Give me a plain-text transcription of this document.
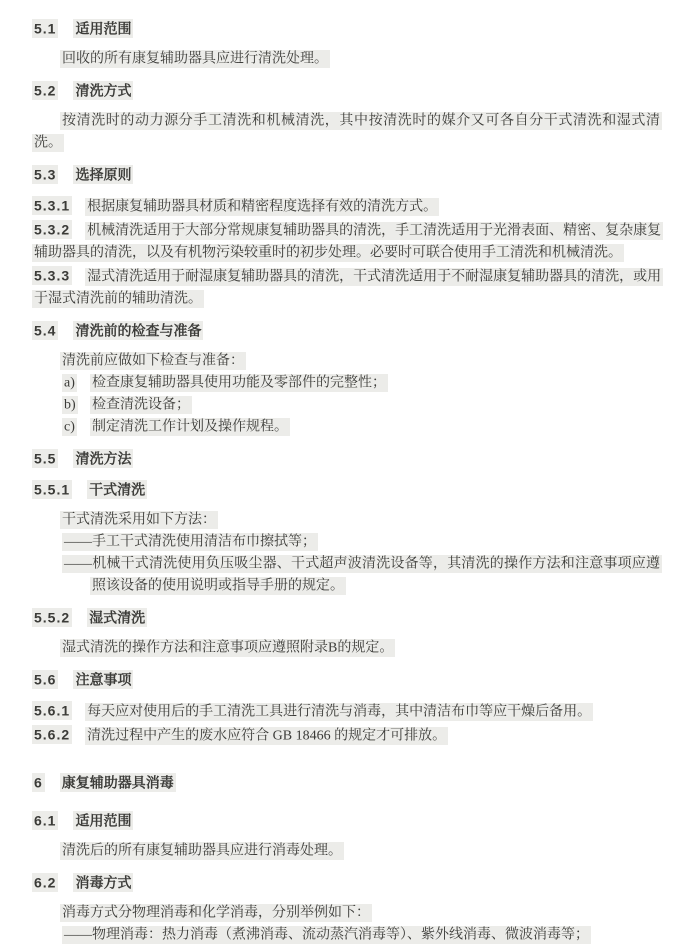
5.1 适用范围

回收的所有康复辅助器具应进行清洗处理。

5.2 清洗方式

按清洗时的动力源分手工清洗和机械清洗，其中按清洗时的媒介又可各自分干式清洗和湿式清洗。

5.3 选择原则

5.3.1 根据康复辅助器具材质和精密程度选择有效的清洗方式。

5.3.2 机械清洗适用于大部分常规康复辅助器具的清洗，手工清洗适用于光滑表面、精密、复杂康复辅助器具的清洗，以及有机物污染较重时的初步处理。必要时可联合使用手工清洗和机械清洗。

5.3.3 湿式清洗适用于耐湿康复辅助器具的清洗，干式清洗适用于不耐湿康复辅助器具的清洗，或用于湿式清洗前的辅助清洗。

5.4 清洗前的检查与准备

清洗前应做如下检查与准备：

a)	检查康复辅助器具使用功能及零部件的完整性；

b)	检查清洗设备；

c)	制定清洗工作计划及操作规程。

5.5 清洗方法
5.5.1 干式清洗

干式清洗采用如下方法：

——手工干式清洗使用清洁布巾擦拭等；

——机械干式清洗使用负压吸尘器、干式超声波清洗设备等，其清洗的操作方法和注意事项应遵照该设备的使用说明或指导手册的规定。

5.5.2 湿式清洗

湿式清洗的操作方法和注意事项应遵照附录B的规定。

5.6 注意事项

5.6.1 每天应对使用后的手工清洗工具进行清洗与消毒，其中清洁布巾等应干燥后备用。

5.6.2 清洗过程中产生的废水应符合 GB 18466 的规定才可排放。

6 康复辅助器具消毒
6.1 适用范围

清洗后的所有康复辅助器具应进行消毒处理。

6.2 消毒方式

消毒方式分物理消毒和化学消毒，分别举例如下：

——物理消毒：热力消毒（煮沸消毒、流动蒸汽消毒等）、紫外线消毒、微波消毒等；
